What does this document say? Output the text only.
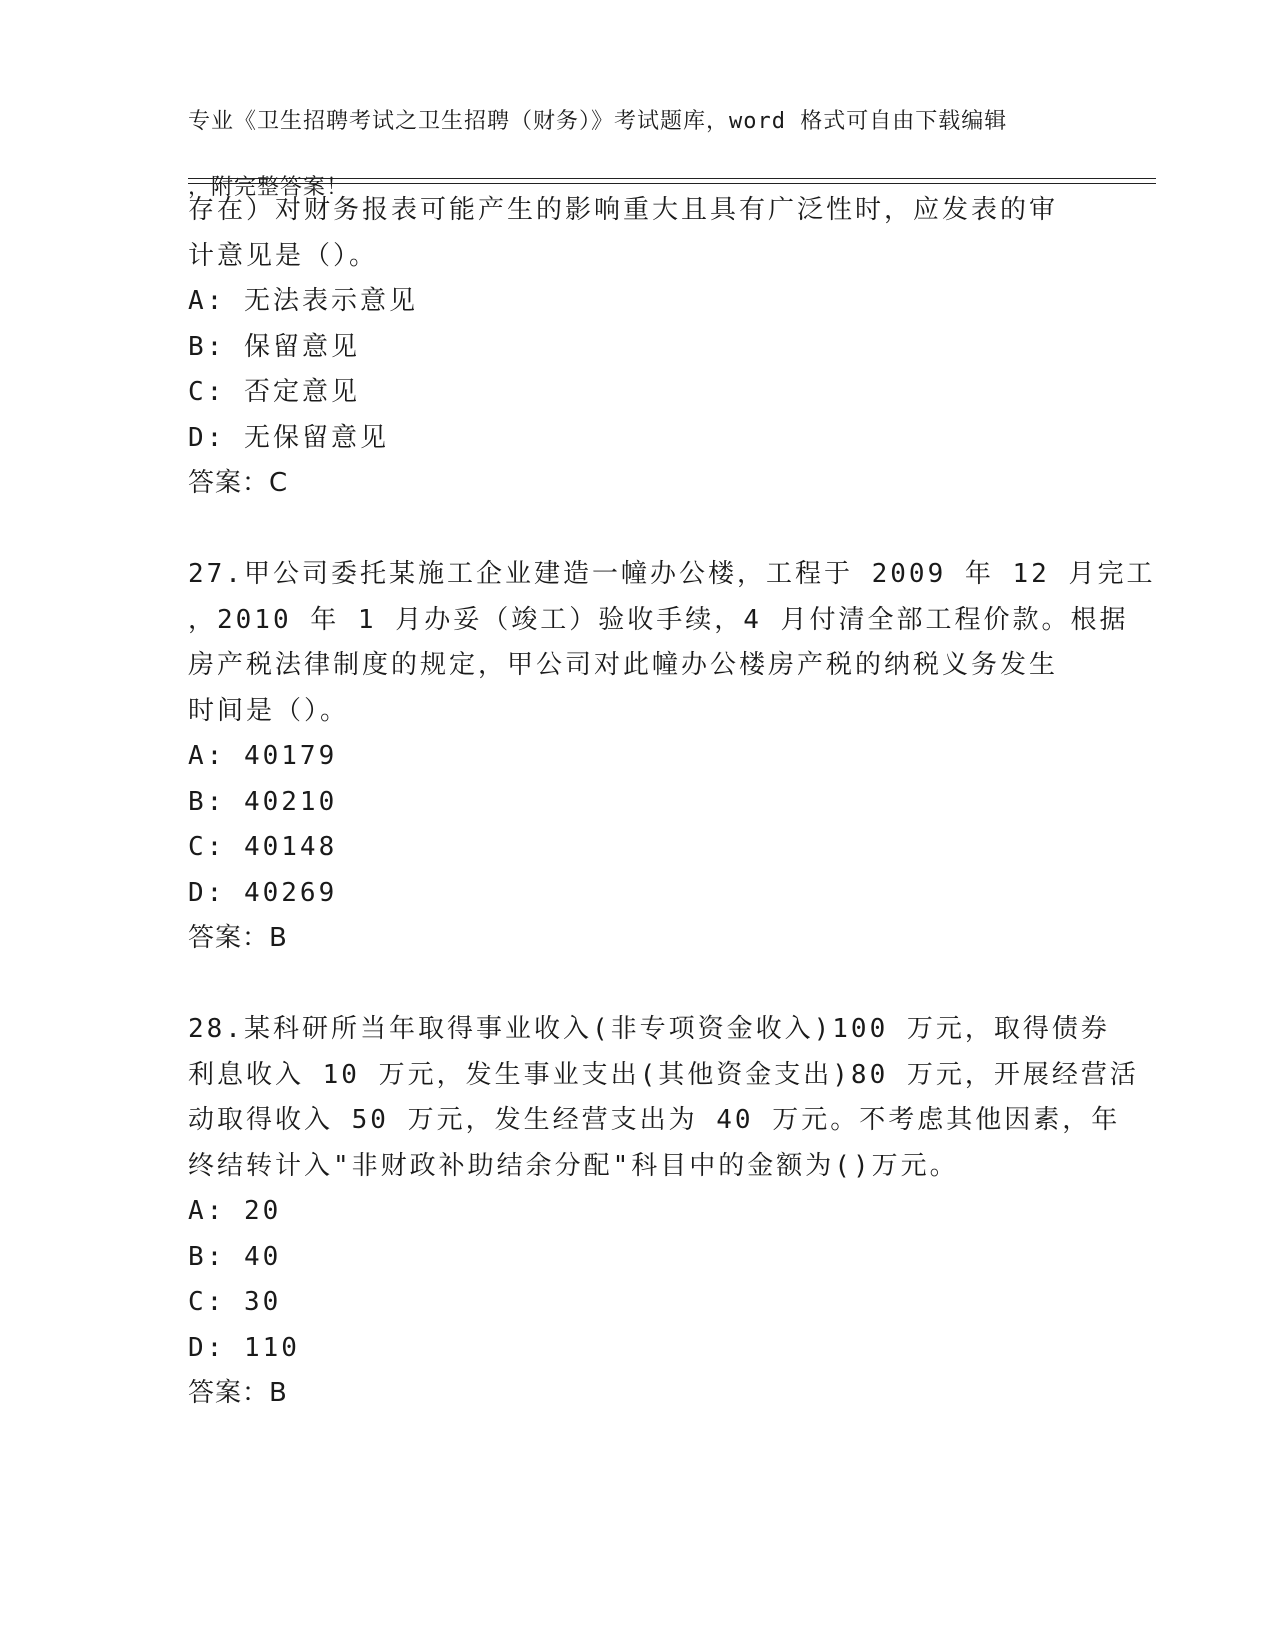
专业《卫生招聘考试之卫生招聘（财务）》考试题库，word 格式可自由下载编辑

，附完整答案！

存在）对财务报表可能产生的影响重大且具有广泛性时，应发表的审
计意见是（）。
A: 无法表示意见
B: 保留意见
C: 否定意见
D: 无保留意见
答案：C
27.甲公司委托某施工企业建造一幢办公楼，工程于 2009 年 12 月完工
，2010 年 1 月办妥（竣工）验收手续，4 月付清全部工程价款。根据
房产税法律制度的规定，甲公司对此幢办公楼房产税的纳税义务发生
时间是（）。
A: 40179
B: 40210
C: 40148
D: 40269
答案：B
28.某科研所当年取得事业收入(非专项资金收入)100 万元，取得债券
利息收入 10 万元，发生事业支出(其他资金支出)80 万元，开展经营活
动取得收入 50 万元，发生经营支出为 40 万元。不考虑其他因素，年
终结转计入"非财政补助结余分配"科目中的金额为()万元。
A: 20
B: 40
C: 30
D: 110
答案：B
